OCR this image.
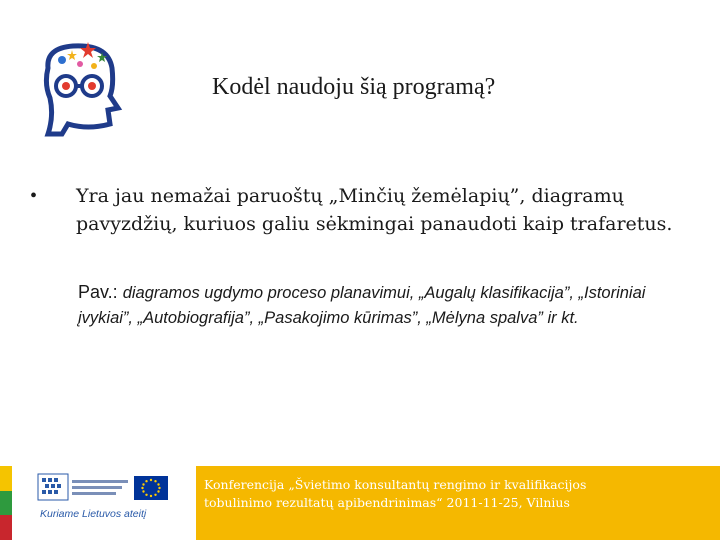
Kodėl naudoju šią programą?
• Yra jau nemažai paruoštų „Minčių žemėlapių”, diagramų pavyzdžių, kuriuos galiu sėkmingai panaudoti kaip trafaretus.
Pav.: diagramos ugdymo proceso planavimui, „Augalų klasifikacija”, „Istoriniai įvykiai”, „Autobiografija”, „Pasakojimo kūrimas”, „Mėlyna spalva” ir kt.
Kuriame Lietuvos ateitį
Konferencija „Švietimo konsultantų rengimo ir kvalifikacijos
tobulinimo rezultatų apibendrinimas“ 2011-11-25, Vilnius
